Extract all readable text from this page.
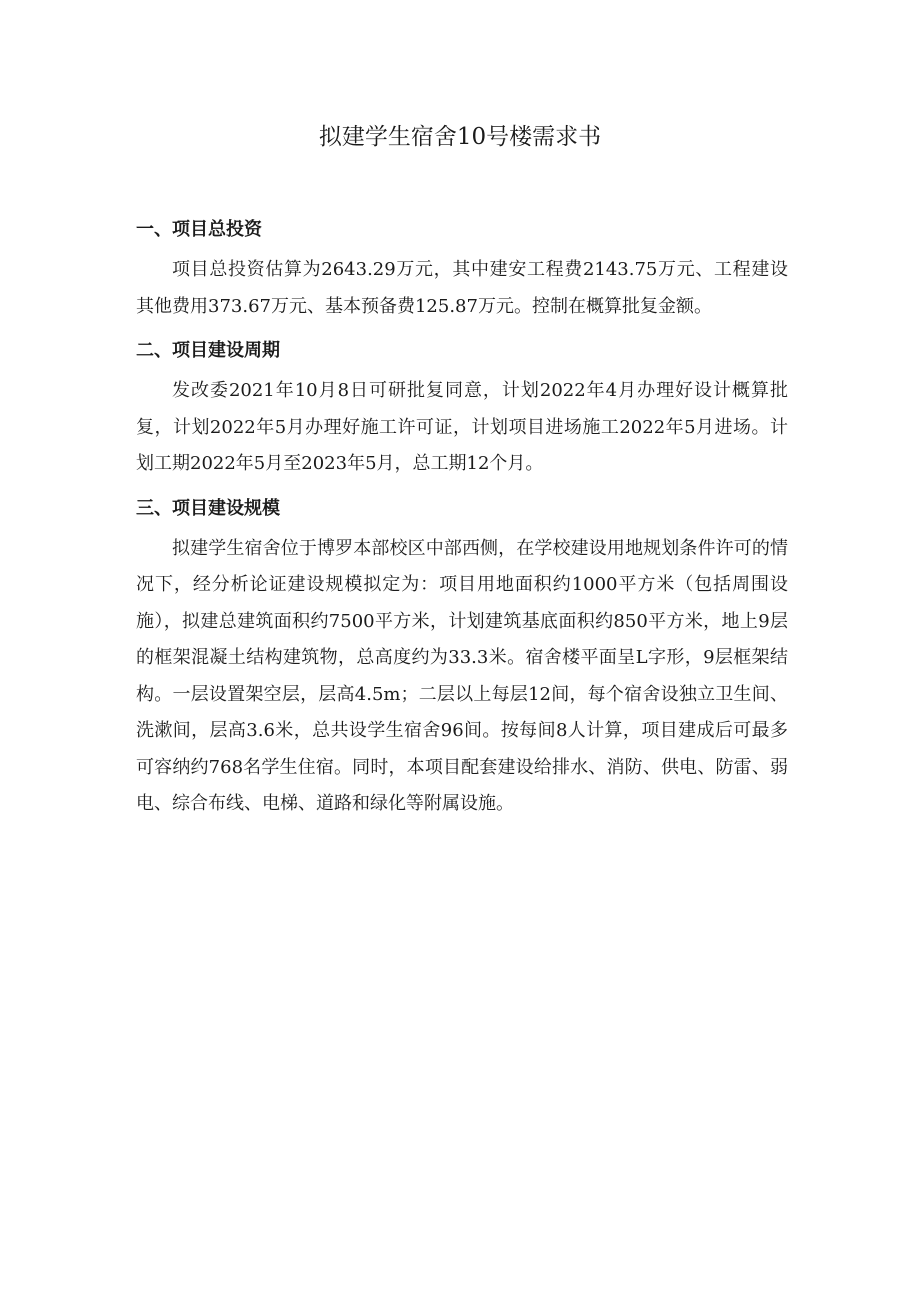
拟建学生宿舍10号楼需求书
一、项目总投资

项目总投资估算为2643.29万元，其中建安工程费2143.75万元、工程建设其他费用373.67万元、基本预备费125.87万元。控制在概算批复金额。

二、项目建设周期

发改委2021年10月8日可研批复同意，计划2022年4月办理好设计概算批复，计划2022年5月办理好施工许可证，计划项目进场施工2022年5月进场。计划工期2022年5月至2023年5月，总工期12个月。

三、项目建设规模

拟建学生宿舍位于博罗本部校区中部西侧，在学校建设用地规划条件许可的情况下，经分析论证建设规模拟定为：项目用地面积约1000平方米（包括周围设施），拟建总建筑面积约7500平方米，计划建筑基底面积约850平方米，地上9层的框架混凝土结构建筑物，总高度约为33.3米。宿舍楼平面呈L字形，9层框架结构。一层设置架空层，层高4.5m；二层以上每层12间，每个宿舍设独立卫生间、洗漱间，层高3.6米，总共设学生宿舍96间。按每间8人计算，项目建成后可最多可容纳约768名学生住宿。同时，本项目配套建设给排水、消防、供电、防雷、弱电、综合布线、电梯、道路和绿化等附属设施。
